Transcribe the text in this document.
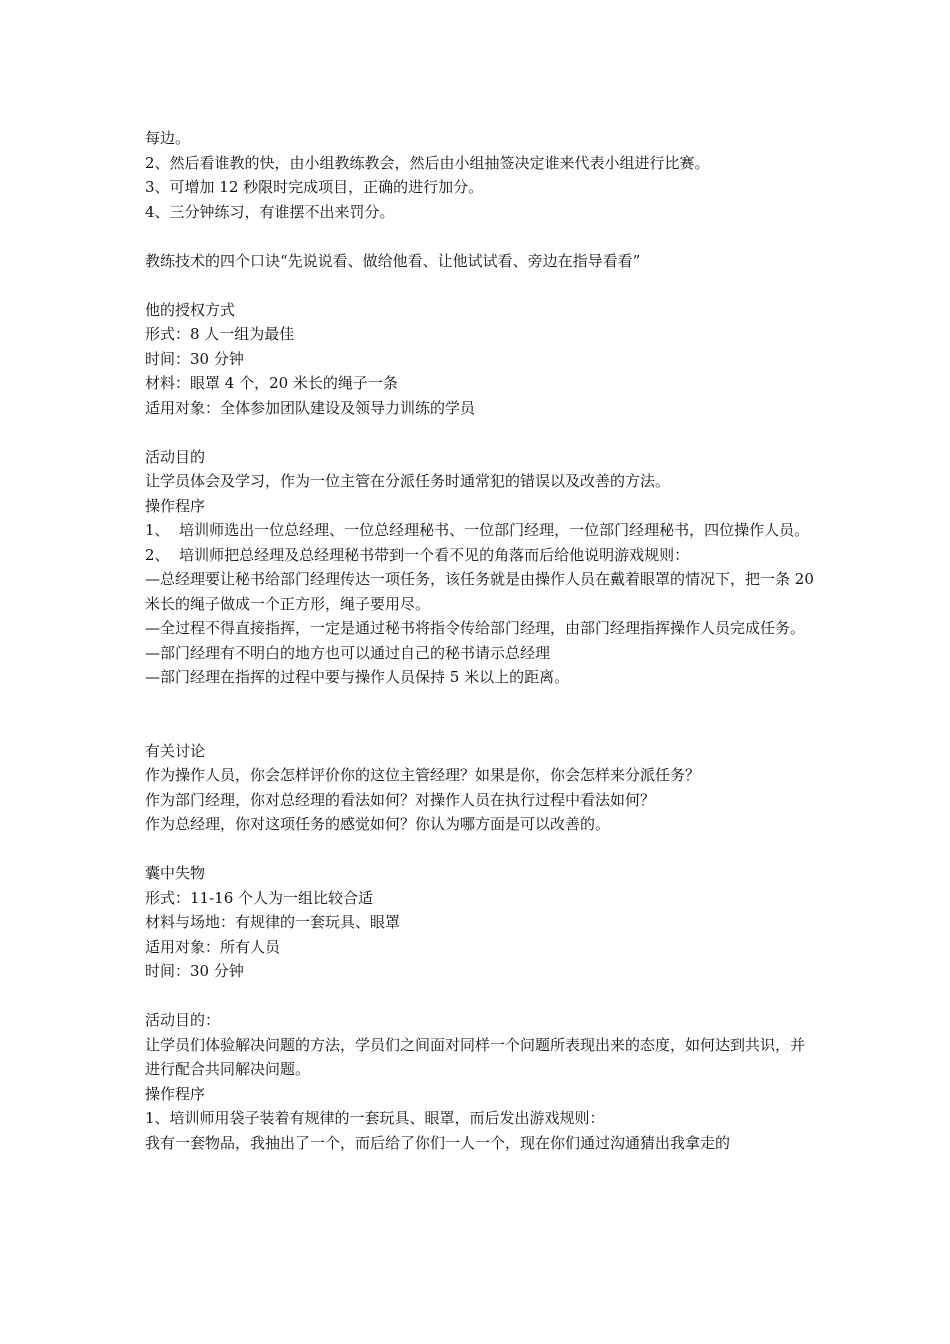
每边。

2、然后看谁教的快，由小组教练教会，然后由小组抽签决定谁来代表小组进行比赛。

3、可增加 12 秒限时完成项目，正确的进行加分。

4、三分钟练习，有谁摆不出来罚分。

教练技术的四个口诀“先说说看、做给他看、让他试试看、旁边在指导看看”

他的授权方式

形式：8 人一组为最佳

时间：30 分钟

材料：眼罩 4 个，20 米长的绳子一条

适用对象：全体参加团队建设及领导力训练的学员

活动目的

让学员体会及学习，作为一位主管在分派任务时通常犯的错误以及改善的方法。

操作程序

1、  培训师选出一位总经理、一位总经理秘书、一位部门经理，一位部门经理秘书，四位操作人员。

2、  培训师把总经理及总经理秘书带到一个看不见的角落而后给他说明游戏规则：

—总经理要让秘书给部门经理传达一项任务，该任务就是由操作人员在戴着眼罩的情况下，把一条 20 米长的绳子做成一个正方形，绳子要用尽。

—全过程不得直接指挥，一定是通过秘书将指令传给部门经理，由部门经理指挥操作人员完成任务。

—部门经理有不明白的地方也可以通过自己的秘书请示总经理

—部门经理在指挥的过程中要与操作人员保持 5 米以上的距离。

有关讨论

作为操作人员，你会怎样评价你的这位主管经理？如果是你，你会怎样来分派任务？

作为部门经理，你对总经理的看法如何？对操作人员在执行过程中看法如何？

作为总经理，你对这项任务的感觉如何？你认为哪方面是可以改善的。

囊中失物

形式：11-16 个人为一组比较合适

材料与场地：有规律的一套玩具、眼罩

适用对象：所有人员

时间：30 分钟

活动目的：

让学员们体验解决问题的方法，学员们之间面对同样一个问题所表现出来的态度，如何达到共识，并进行配合共同解决问题。

操作程序

1、培训师用袋子装着有规律的一套玩具、眼罩，而后发出游戏规则：

我有一套物品，我抽出了一个，而后给了你们一人一个，现在你们通过沟通猜出我拿走的
